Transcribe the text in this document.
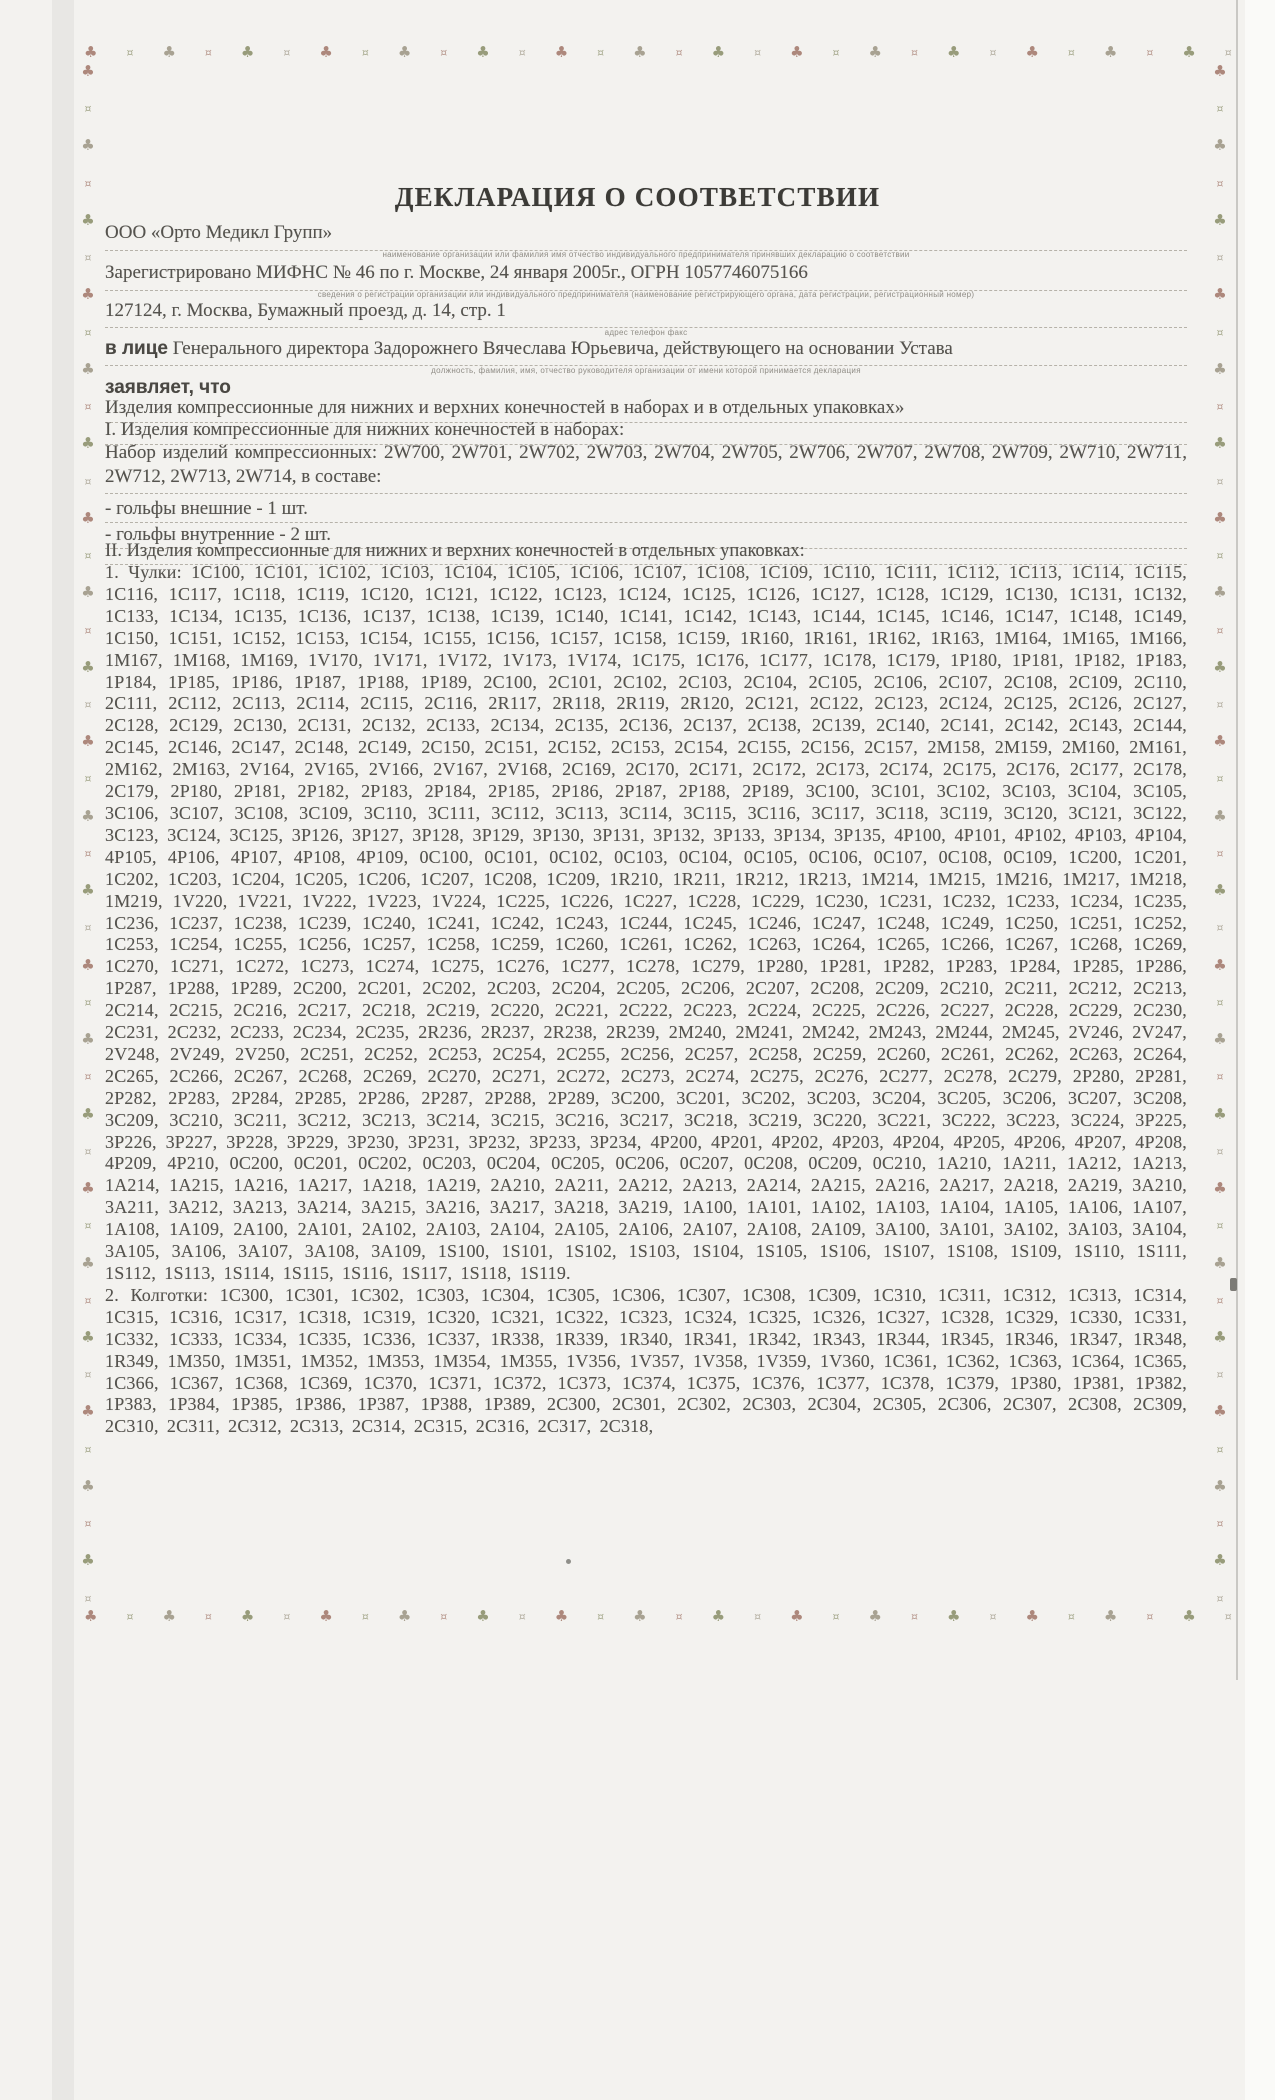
♣	¤ ♣	¤ ♣	¤ ♣	¤ ♣	¤ ♣	¤ ♣	¤ ♣	¤ ♣	¤ ♣	¤ ♣	¤ ♣	¤ ♣	¤ ♣	¤ ♣	¤
♣	¤ ♣	¤ ♣	¤ ♣	¤ ♣	¤ ♣	¤ ♣	¤ ♣	¤ ♣	¤ ♣	¤ ♣	¤ ♣	¤ ♣	¤ ♣	¤ ♣	¤
♣
¤
♣
¤
♣
¤
♣
¤
♣
¤
♣
¤
♣
¤
♣
¤
♣
¤
♣
¤
♣
¤
♣
¤
♣
¤
♣
¤
♣
¤
♣
¤
♣
¤
♣
¤
♣
¤
♣
¤
♣
¤
♣
¤
♣
¤
♣
¤
♣
¤
♣
¤
♣
¤
♣
¤
♣
¤
♣
¤
♣
¤
♣
¤
♣
¤
♣
¤
♣
¤
♣
¤
♣
¤
♣
¤
♣
¤
♣
¤
♣
¤
♣
¤
ДЕКЛАРАЦИЯ О СООТВЕТСТВИИ
ООО «Орто Медикл Групп»
наименование организации или фамилия имя отчество индивидуального предпринимателя принявших декларацию о соответствии
Зарегистрировано МИФНС № 46 по г. Москве, 24 января 2005г., ОГРН 1057746075166
сведения о регистрации организации или индивидуального предпринимателя (наименование регистрирующего органа, дата регистрации, регистрационный номер)
127124, г. Москва, Бумажный проезд, д. 14, стр. 1
адрес телефон факс
в лице Генерального директора Задорожнего Вячеслава Юрьевича, действующего на основании Устава
должность, фамилия, имя, отчество руководителя организации от имени которой принимается декларация
заявляет, что
Изделия компрессионные для нижних и верхних конечностей в наборах и в отдельных упаковках»
I. Изделия компрессионные для нижних конечностей в наборах:
Набор изделий компрессионных: 2W700, 2W701, 2W702, 2W703, 2W704, 2W705, 2W706, 2W707, 2W708, 2W709, 2W710, 2W711, 2W712, 2W713, 2W714, в составе:
- гольфы внешние - 1 шт.
- гольфы внутренние - 2 шт.
II. Изделия компрессионные для нижних и верхних конечностей в отдельных упаковках:

1. Чулки: 1C100, 1C101, 1C102, 1C103, 1C104, 1C105, 1C106, 1C107, 1C108, 1C109, 1C110, 1C111, 1C112, 1C113, 1C114, 1C115, 1C116, 1C117, 1C118, 1C119, 1C120, 1C121, 1C122, 1C123, 1C124, 1C125, 1C126, 1C127, 1C128, 1C129, 1C130, 1C131, 1C132, 1C133, 1C134, 1C135, 1C136, 1C137, 1C138, 1C139, 1C140, 1C141, 1C142, 1C143, 1C144, 1C145, 1C146, 1C147, 1C148, 1C149, 1C150, 1C151, 1C152, 1C153, 1C154, 1C155, 1C156, 1C157, 1C158, 1C159, 1R160, 1R161, 1R162, 1R163, 1M164, 1M165, 1M166, 1M167, 1M168, 1M169, 1V170, 1V171, 1V172, 1V173, 1V174, 1C175, 1C176, 1C177, 1C178, 1C179, 1P180, 1P181, 1P182, 1P183, 1P184, 1P185, 1P186, 1P187, 1P188, 1P189, 2C100, 2C101, 2C102, 2C103, 2C104, 2C105, 2C106, 2C107, 2C108, 2C109, 2C110, 2C111, 2C112, 2C113, 2C114, 2C115, 2C116, 2R117, 2R118, 2R119, 2R120, 2C121, 2C122, 2C123, 2C124, 2C125, 2C126, 2C127, 2C128, 2C129, 2C130, 2C131, 2C132, 2C133, 2C134, 2C135, 2C136, 2C137, 2C138, 2C139, 2C140, 2C141, 2C142, 2C143, 2C144, 2C145, 2C146, 2C147, 2C148, 2C149, 2C150, 2C151, 2C152, 2C153, 2C154, 2C155, 2C156, 2C157, 2M158, 2M159, 2M160, 2M161, 2M162, 2M163, 2V164, 2V165, 2V166, 2V167, 2V168, 2C169, 2C170, 2C171, 2C172, 2C173, 2C174, 2C175, 2C176, 2C177, 2C178, 2C179, 2P180, 2P181, 2P182, 2P183, 2P184, 2P185, 2P186, 2P187, 2P188, 2P189, 3C100, 3C101, 3C102, 3C103, 3C104, 3C105, 3C106, 3C107, 3C108, 3C109, 3C110, 3C111, 3C112, 3C113, 3C114, 3C115, 3C116, 3C117, 3C118, 3C119, 3C120, 3C121, 3C122, 3C123, 3C124, 3C125, 3P126, 3P127, 3P128, 3P129, 3P130, 3P131, 3P132, 3P133, 3P134, 3P135, 4P100, 4P101, 4P102, 4P103, 4P104, 4P105, 4P106, 4P107, 4P108, 4P109, 0C100, 0C101, 0C102, 0C103, 0C104, 0C105, 0C106, 0C107, 0C108, 0C109, 1C200, 1C201, 1C202, 1C203, 1C204, 1C205, 1C206, 1C207, 1C208, 1C209, 1R210, 1R211, 1R212, 1R213, 1M214, 1M215, 1M216, 1M217, 1M218, 1M219, 1V220, 1V221, 1V222, 1V223, 1V224, 1C225, 1C226, 1C227, 1C228, 1C229, 1C230, 1C231, 1C232, 1C233, 1C234, 1C235, 1C236, 1C237, 1C238, 1C239, 1C240, 1C241, 1C242, 1C243, 1C244, 1C245, 1C246, 1C247, 1C248, 1C249, 1C250, 1C251, 1C252, 1C253, 1C254, 1C255, 1C256, 1C257, 1C258, 1C259, 1C260, 1C261, 1C262, 1C263, 1C264, 1C265, 1C266, 1C267, 1C268, 1C269, 1C270, 1C271, 1C272, 1C273, 1C274, 1C275, 1C276, 1C277, 1C278, 1C279, 1P280, 1P281, 1P282, 1P283, 1P284, 1P285, 1P286, 1P287, 1P288, 1P289, 2C200, 2C201, 2C202, 2C203, 2C204, 2C205, 2C206, 2C207, 2C208, 2C209, 2C210, 2C211, 2C212, 2C213, 2C214, 2C215, 2C216, 2C217, 2C218, 2C219, 2C220, 2C221, 2C222, 2C223, 2C224, 2C225, 2C226, 2C227, 2C228, 2C229, 2C230, 2C231, 2C232, 2C233, 2C234, 2C235, 2R236, 2R237, 2R238, 2R239, 2M240, 2M241, 2M242, 2M243, 2M244, 2M245, 2V246, 2V247, 2V248, 2V249, 2V250, 2C251, 2C252, 2C253, 2C254, 2C255, 2C256, 2C257, 2C258, 2C259, 2C260, 2C261, 2C262, 2C263, 2C264, 2C265, 2C266, 2C267, 2C268, 2C269, 2C270, 2C271, 2C272, 2C273, 2C274, 2C275, 2C276, 2C277, 2C278, 2C279, 2P280, 2P281, 2P282, 2P283, 2P284, 2P285, 2P286, 2P287, 2P288, 2P289, 3C200, 3C201, 3C202, 3C203, 3C204, 3C205, 3C206, 3C207, 3C208, 3C209, 3C210, 3C211, 3C212, 3C213, 3C214, 3C215, 3C216, 3C217, 3C218, 3C219, 3C220, 3C221, 3C222, 3C223, 3C224, 3P225, 3P226, 3P227, 3P228, 3P229, 3P230, 3P231, 3P232, 3P233, 3P234, 4P200, 4P201, 4P202, 4P203, 4P204, 4P205, 4P206, 4P207, 4P208, 4P209, 4P210, 0C200, 0C201, 0C202, 0C203, 0C204, 0C205, 0C206, 0C207, 0C208, 0C209, 0C210, 1A210, 1A211, 1A212, 1A213, 1A214, 1A215, 1A216, 1A217, 1A218, 1A219, 2A210, 2A211, 2A212, 2A213, 2A214, 2A215, 2A216, 2A217, 2A218, 2A219, 3A210, 3A211, 3A212, 3A213, 3A214, 3A215, 3A216, 3A217, 3A218, 3A219, 1A100, 1A101, 1A102, 1A103, 1A104, 1A105, 1A106, 1A107, 1A108, 1A109, 2A100, 2A101, 2A102, 2A103, 2A104, 2A105, 2A106, 2A107, 2A108, 2A109, 3A100, 3A101, 3A102, 3A103, 3A104, 3A105, 3A106, 3A107, 3A108, 3A109, 1S100, 1S101, 1S102, 1S103, 1S104, 1S105, 1S106, 1S107, 1S108, 1S109, 1S110, 1S111, 1S112, 1S113, 1S114, 1S115, 1S116, 1S117, 1S118, 1S119.

2. Колготки: 1C300, 1C301, 1C302, 1C303, 1C304, 1C305, 1C306, 1C307, 1C308, 1C309, 1C310, 1C311, 1C312, 1C313, 1C314, 1C315, 1C316, 1C317, 1C318, 1C319, 1C320, 1C321, 1C322, 1C323, 1C324, 1C325, 1C326, 1C327, 1C328, 1C329, 1C330, 1C331, 1C332, 1C333, 1C334, 1C335, 1C336, 1C337, 1R338, 1R339, 1R340, 1R341, 1R342, 1R343, 1R344, 1R345, 1R346, 1R347, 1R348, 1R349, 1M350, 1M351, 1M352, 1M353, 1M354, 1M355, 1V356, 1V357, 1V358, 1V359, 1V360, 1C361, 1C362, 1C363, 1C364, 1C365, 1C366, 1C367, 1C368, 1C369, 1C370, 1C371, 1C372, 1C373, 1C374, 1C375, 1C376, 1C377, 1C378, 1C379, 1P380, 1P381, 1P382, 1P383, 1P384, 1P385, 1P386, 1P387, 1P388, 1P389, 2C300, 2C301, 2C302, 2C303, 2C304, 2C305, 2C306, 2C307, 2C308, 2C309, 2C310, 2C311, 2C312, 2C313, 2C314, 2C315, 2C316, 2C317, 2C318,
